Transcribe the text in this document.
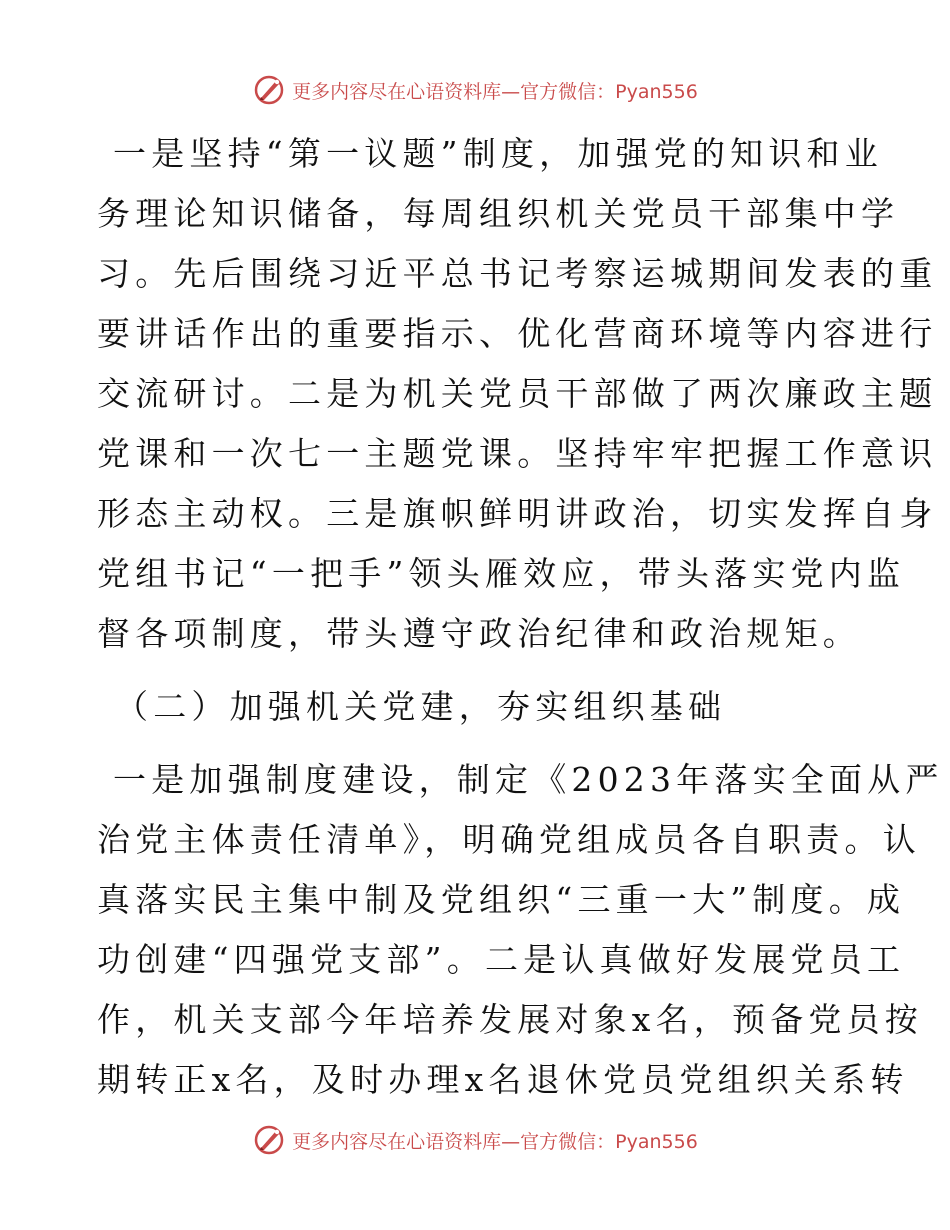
更多内容尽在心语资料库—官方微信：Pyan556
一是坚持“第一议题”制度，加强党的知识和业
务理论知识储备，每周组织机关党员干部集中学
习。先后围绕习近平总书记考察运城期间发表的重
要讲话作出的重要指示、优化营商环境等内容进行
交流研讨。二是为机关党员干部做了两次廉政主题
党课和一次七一主题党课。坚持牢牢把握工作意识
形态主动权。三是旗帜鲜明讲政治，切实发挥自身
党组书记“一把手”领头雁效应，带头落实党内监
督各项制度，带头遵守政治纪律和政治规矩。
（二）加强机关党建，夯实组织基础
一是加强制度建设，制定《2023年落实全面从严
治党主体责任清单》，明确党组成员各自职责。认
真落实民主集中制及党组织“三重一大”制度。成
功创建“四强党支部”。二是认真做好发展党员工
作，机关支部今年培养发展对象x名，预备党员按
期转正x名，及时办理x名退休党员党组织关系转
更多内容尽在心语资料库—官方微信：Pyan556
